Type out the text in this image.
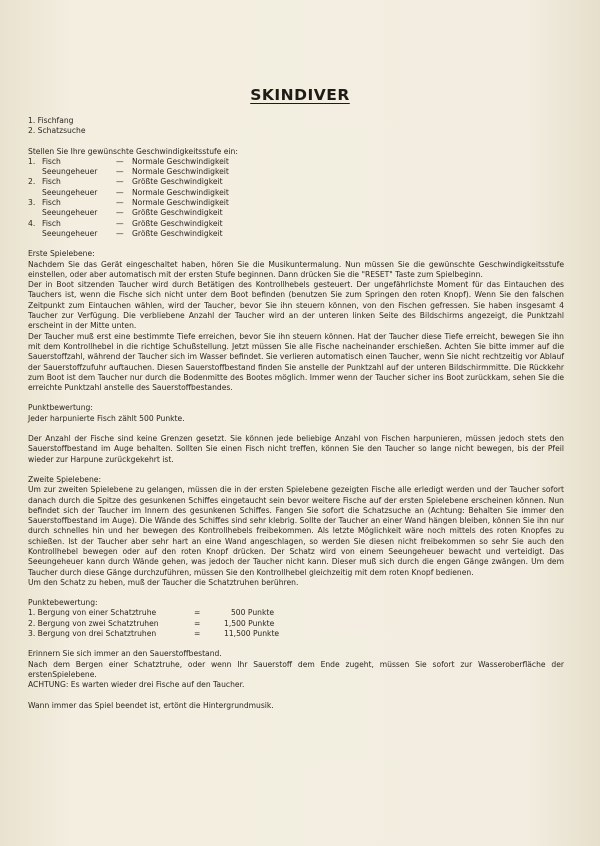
SKINDIVER
1. Fischfang
2. Schatzsuche
Stellen Sie Ihre gewünschte Geschwindigkeitsstufe ein:
1. Fisch	—	Normale Geschwindigkeit
Seeungeheuer	—	Normale Geschwindigkeit
2. Fisch	—	Größte Geschwindigkeit
Seeungeheuer	—	Normale Geschwindigkeit
3. Fisch	—	Normale Geschwindigkeit
Seeungeheuer	—	Größte Geschwindigkeit
4. Fisch	—	Größte Geschwindigkeit
Seeungeheuer	—	Größte Geschwindigkeit
Erste Spielebene:

Nachdem Sie das Gerät eingeschaltet haben, hören Sie die Musikuntermalung. Nun müssen Sie die gewünschte Geschwindigkeitsstufe einstellen, oder aber automatisch mit der ersten Stufe beginnen. Dann drücken Sie die "RESET" Taste zum Spielbeginn.

Der in Boot sitzenden Taucher wird durch Betätigen des Kontrollhebels gesteuert. Der ungefährlichste Moment für das Eintauchen des Tauchers ist, wenn die Fische sich nicht unter dem Boot befinden (benutzen Sie zum Springen den roten Knopf). Wenn Sie den falschen Zeitpunkt zum Eintauchen wählen, wird der Taucher, bevor Sie ihn steuern können, von den Fischen gefressen. Sie haben insgesamt 4 Taucher zur Verfügung. Die verbliebene Anzahl der Taucher wird an der unteren linken Seite des Bildschirms angezeigt, die Punktzahl erscheint in der Mitte unten.

Der Taucher muß erst eine bestimmte Tiefe erreichen, bevor Sie ihn steuern können. Hat der Taucher diese Tiefe erreicht, bewegen Sie ihn mit dem Kontrollhebel in die richtige Schußstellung. Jetzt müssen Sie alle Fische nacheinander erschießen. Achten Sie bitte immer auf die Sauerstoffzahl, während der Taucher sich im Wasser befindet. Sie verlieren automatisch einen Taucher, wenn Sie nicht rechtzeitig vor Ablauf der Sauerstoffzufuhr auftauchen. Diesen Sauerstoffbestand finden Sie anstelle der Punktzahl auf der unteren Bildschirmmitte. Die Rückkehr zum Boot ist dem Taucher nur durch die Bodenmitte des Bootes möglich. Immer wenn der Taucher sicher ins Boot zurückkam, sehen Sie die erreichte Punktzahl anstelle des Sauerstoffbestandes.

Punktbewertung:
Jeder harpunierte Fisch zählt 500 Punkte.

Der Anzahl der Fische sind keine Grenzen gesetzt. Sie können jede beliebige Anzahl von Fischen harpunieren, müssen jedoch stets den Sauerstoffbestand im Auge behalten. Sollten Sie einen Fisch nicht treffen, können Sie den Taucher so lange nicht bewegen, bis der Pfeil wieder zur Harpune zurückgekehrt ist.

Zweite Spielebene:

Um zur zweiten Spielebene zu gelangen, müssen die in der ersten Spielebene gezeigten Fische alle erledigt werden und der Taucher sofort danach durch die Spitze des gesunkenen Schiffes eingetaucht sein bevor weitere Fische auf der ersten Spielebene erscheinen können. Nun befindet sich der Taucher im Innern des gesunkenen Schiffes. Fangen Sie sofort die Schatzsuche an (Achtung: Behalten Sie immer den Sauerstoffbestand im Auge). Die Wände des Schiffes sind sehr klebrig. Sollte der Taucher an einer Wand hängen bleiben, können Sie ihn nur durch schnelles hin und her bewegen des Kontrollhebels freibekommen. Als letzte Möglichkeit wäre noch mittels des roten Knopfes zu schießen. Ist der Taucher aber sehr hart an eine Wand angeschlagen, so werden Sie diesen nicht freibekommen so sehr Sie auch den Kontrollhebel bewegen oder auf den roten Knopf drücken. Der Schatz wird von einem Seeungeheuer bewacht und verteidigt. Das Seeungeheuer kann durch Wände gehen, was jedoch der Taucher nicht kann. Dieser muß sich durch die engen Gänge zwängen. Um dem Taucher durch diese Gänge durchzuführen, müssen Sie den Kontrollhebel gleichzeitig mit dem roten Knopf bedienen.

Um den Schatz zu heben, muß der Taucher die Schatztruhen berühren.

Punktebewertung:
1. Bergung von einer Schatztruhe	=	500 Punkte
2. Bergung von zwei Schatztruhen	=	1,500 Punkte
3. Bergung von drei Schatztruhen	=	11,500 Punkte
Erinnern Sie sich immer an den Sauerstoffbestand.

Nach dem Bergen einer Schatztruhe, oder wenn Ihr Sauerstoff dem Ende zugeht, müssen Sie sofort zur Wasseroberfläche der erstenSpielebene.

ACHTUNG: Es warten wieder drei Fische auf den Taucher.
Wann immer das Spiel beendet ist, ertönt die Hintergrundmusik.
